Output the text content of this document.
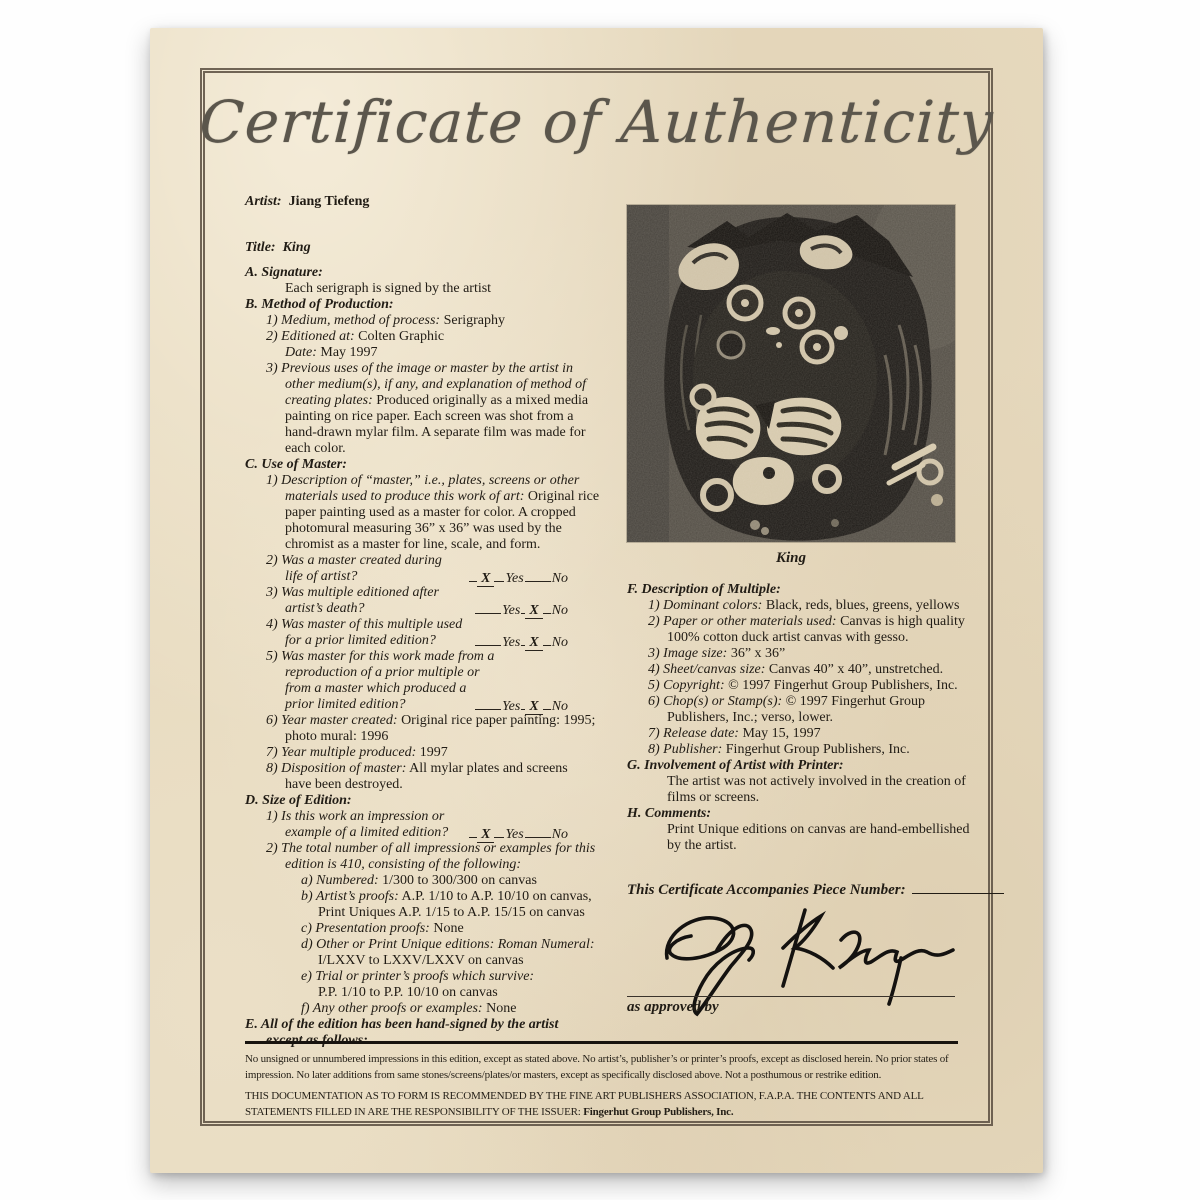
Certificate of Authenticity
Artist: Jiang Tiefeng
Title: King
A. Signature:
Each serigraph is signed by the artist
B. Method of Production:
1) Medium, method of process: Serigraphy
2) Editioned at: Colten Graphic
Date: May 1997
3) Previous uses of the image or master by the artist in
other medium(s), if any, and explanation of method of
creating plates: Produced originally as a mixed media
painting on rice paper. Each screen was shot from a
hand-drawn mylar film. A separate film was made for
each color.
C. Use of Master:
1) Description of “master,” i.e., plates, screens or other
materials used to produce this work of art: Original rice
paper painting used as a master for color. A cropped
photomural measuring 36” x 36” was used by the
chromist as a master for line, scale, and form.
2) Was a master created during
life of artist?	X Yes No
3) Was multiple editioned after
artist’s death?	Yes X No
4) Was master of this multiple used
for a prior limited edition?	Yes X No
5) Was master for this work made from a
reproduction of a prior multiple or
from a master which produced a
prior limited edition?	Yes X No
6) Year master created: Original rice paper painting: 1995;
photo mural: 1996
7) Year multiple produced: 1997
8) Disposition of master: All mylar plates and screens
have been destroyed.
D. Size of Edition:
1) Is this work an impression or
example of a limited edition?	X Yes No
2) The total number of all impressions or examples for this
edition is 410, consisting of the following:
a) Numbered: 1/300 to 300/300 on canvas
b) Artist’s proofs: A.P. 1/10 to A.P. 10/10 on canvas,
Print Uniques A.P. 1/15 to A.P. 15/15 on canvas
c) Presentation proofs: None
d) Other or Print Unique editions: Roman Numeral:
I/LXXV to LXXV/LXXV on canvas
e) Trial or printer’s proofs which survive:
P.P. 1/10 to P.P. 10/10 on canvas
f) Any other proofs or examples: None
E. All of the edition has been hand-signed by the artist
except as follows:
King
F. Description of Multiple:
1) Dominant colors: Black, reds, blues, greens, yellows
2) Paper or other materials used: Canvas is high quality
100% cotton duck artist canvas with gesso.
3) Image size: 36” x 36”
4) Sheet/canvas size: Canvas 40” x 40”, unstretched.
5) Copyright: © 1997 Fingerhut Group Publishers, Inc.
6) Chop(s) or Stamp(s): © 1997 Fingerhut Group
Publishers, Inc.; verso, lower.
7) Release date: May 15, 1997
8) Publisher: Fingerhut Group Publishers, Inc.
G. Involvement of Artist with Printer:
The artist was not actively involved in the creation of
films or screens.
H. Comments:
Print Unique editions on canvas are hand-embellished
by the artist.
This Certificate Accompanies Piece Number:
as approved by

No unsigned or unnumbered impressions in this edition, except as stated above. No artist’s, publisher’s or printer’s proofs, except as disclosed herein. No prior states of impression. No later additions from same stones/screens/plates/or masters, except as specifically disclosed above. Not a posthumous or restrike edition.

THIS DOCUMENTATION AS TO FORM IS RECOMMENDED BY THE FINE ART PUBLISHERS ASSOCIATION, F.A.P.A. THE CONTENTS AND ALL STATEMENTS FILLED IN ARE THE RESPONSIBILITY OF THE ISSUER: Fingerhut Group Publishers, Inc.
